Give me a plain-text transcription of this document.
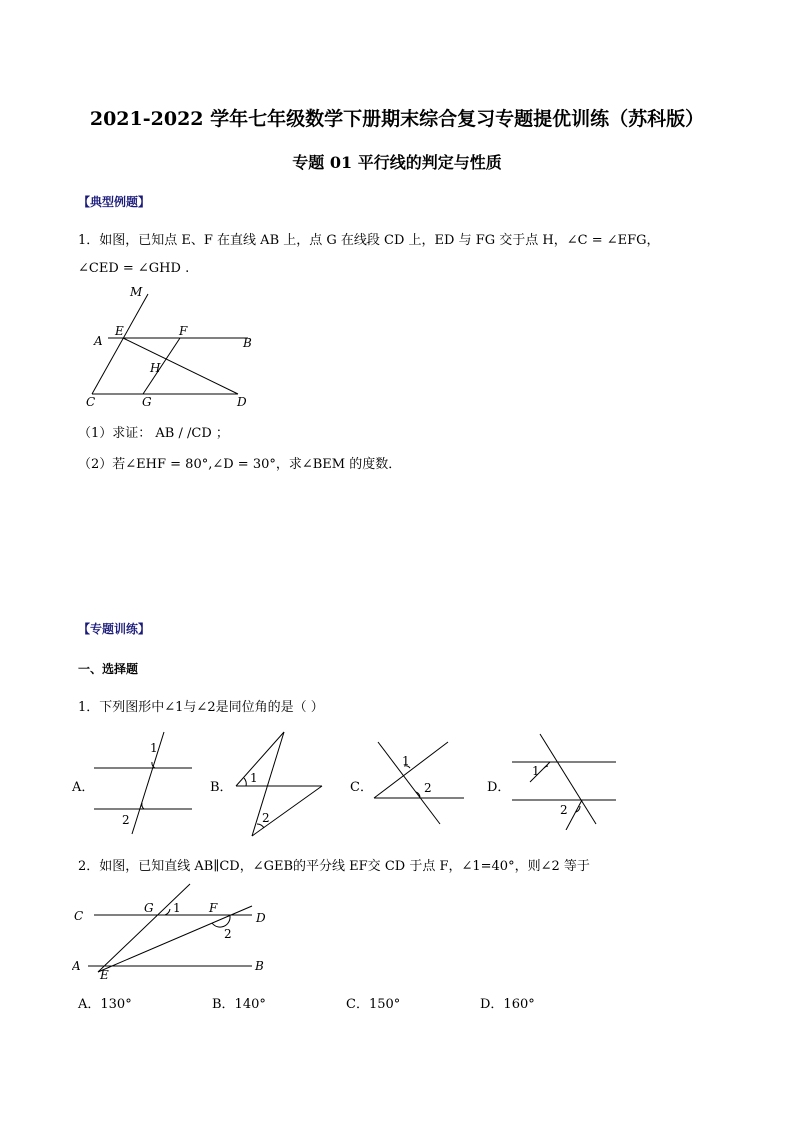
2021-2022 学年七年级数学下册期末综合复习专题提优训练（苏科版）
专题 01 平行线的判定与性质
【典型例题】
1．如图，已知点 E、F 在直线 AB 上，点 G 在线段 CD 上，ED 与 FG 交于点 H，∠C = ∠EFG，
∠CED = ∠GHD .
M
A
E	F
B
H
C	G	D
（1）求证： AB / /CD ；
（2）若∠EHF = 80°,∠D = 30°，求∠BEM 的度数．
【专题训练】
一、选择题
1．下列图形中∠1与∠2是同位角的是（ ）
A．
1
2
B．
1
2
C．
1
2	D．
1
2
2．如图，已知直线 AB∥CD，∠GEB的平分线 EF交 CD 于点 F，∠1=40°，则∠2 等于
C
G	F
D
A
E
B
1
2
A．130°	B．140°	C．150°	D．160°
